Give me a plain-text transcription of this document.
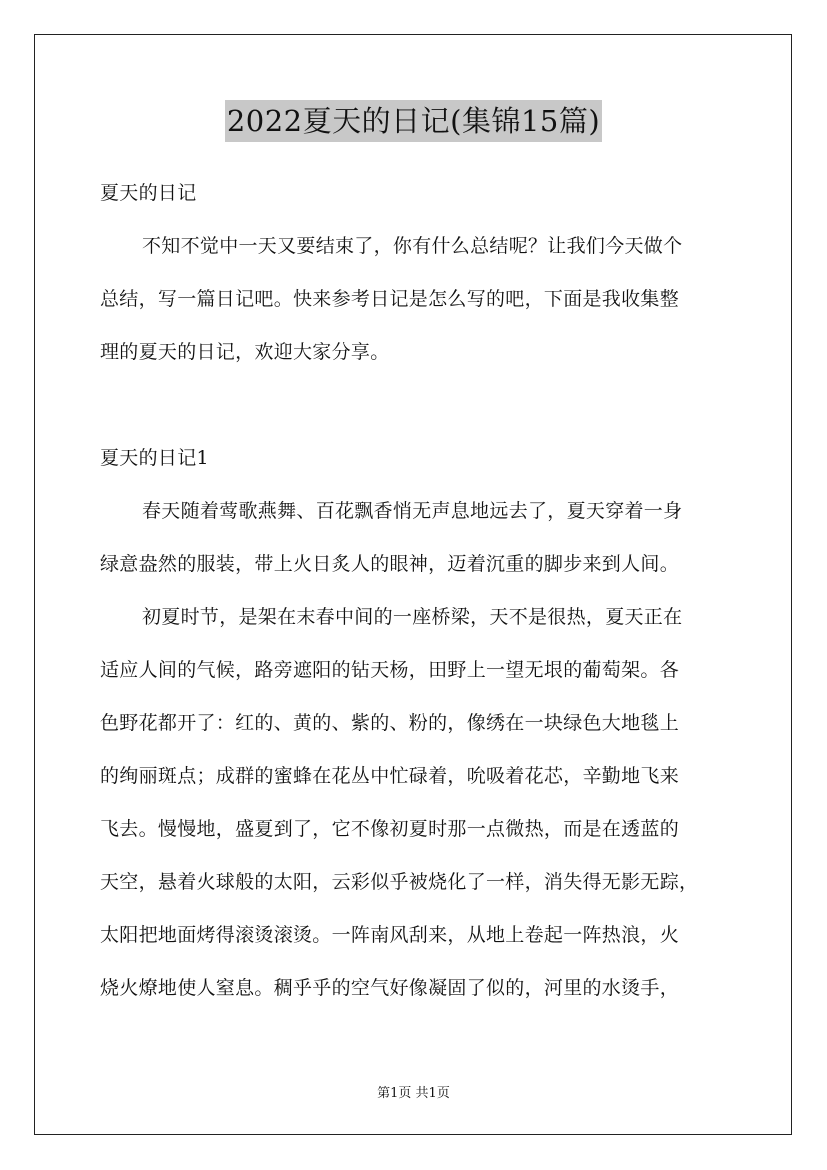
2022夏天的日记(集锦15篇)
夏天的日记
不知不觉中一天又要结束了，你有什么总结呢？让我们今天做个
总结，写一篇日记吧。快来参考日记是怎么写的吧，下面是我收集整
理的夏天的日记，欢迎大家分享。
夏天的日记1
春天随着莺歌燕舞、百花飘香悄无声息地远去了，夏天穿着一身
绿意盎然的服装，带上火日炙人的眼神，迈着沉重的脚步来到人间。
初夏时节，是架在末春中间的一座桥梁，天不是很热，夏天正在
适应人间的气候，路旁遮阳的钻天杨，田野上一望无垠的葡萄架。各
色野花都开了：红的、黄的、紫的、粉的，像绣在一块绿色大地毯上
的绚丽斑点；成群的蜜蜂在花丛中忙碌着，吮吸着花芯，辛勤地飞来
飞去。慢慢地，盛夏到了，它不像初夏时那一点微热，而是在透蓝的
天空，悬着火球般的太阳，云彩似乎被烧化了一样，消失得无影无踪，
太阳把地面烤得滚烫滚烫。一阵南风刮来，从地上卷起一阵热浪，火
烧火燎地使人窒息。稠乎乎的空气好像凝固了似的，河里的水烫手，
第1页 共1页
